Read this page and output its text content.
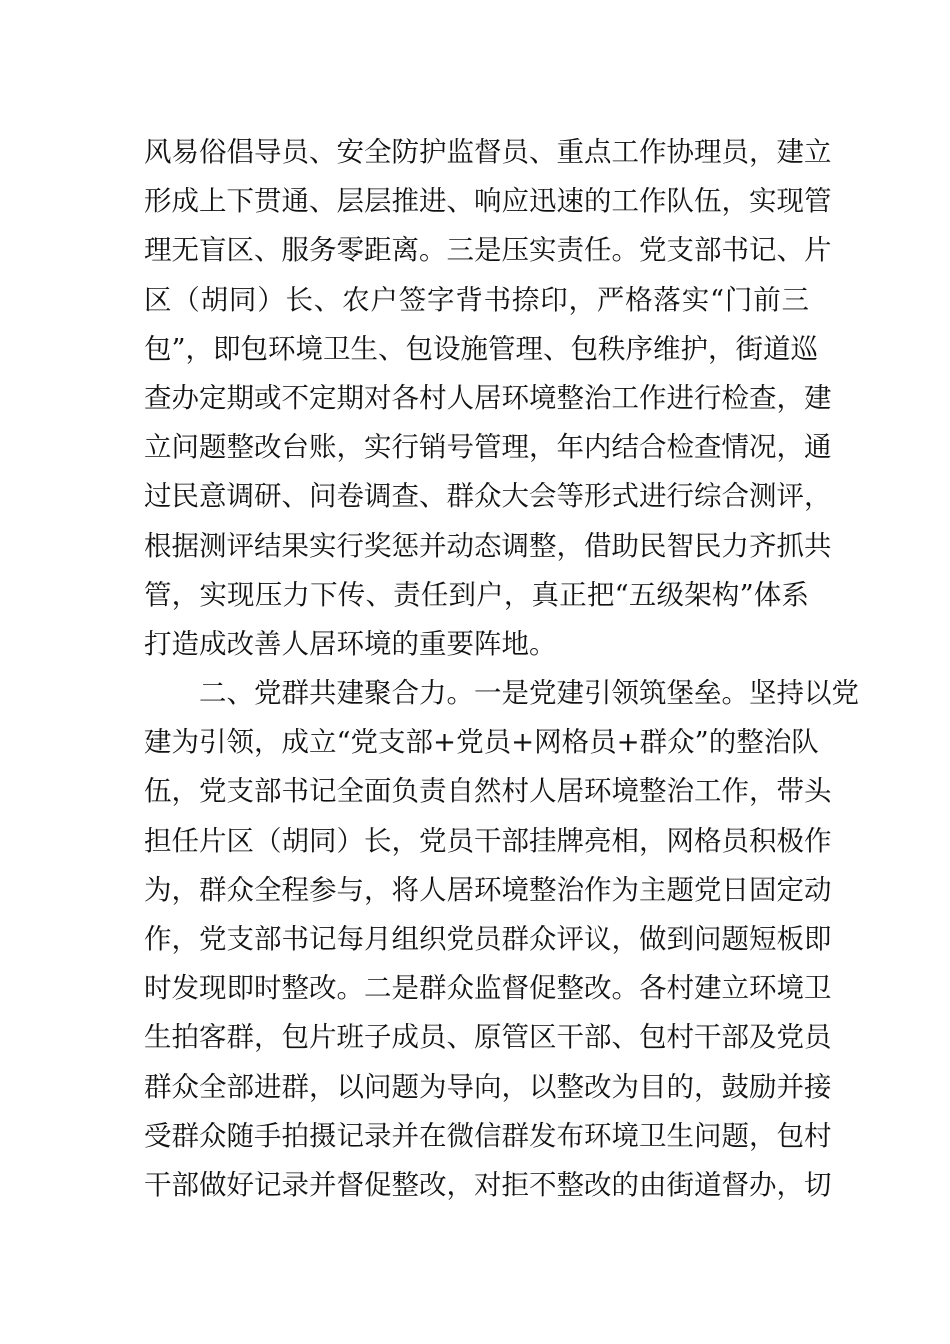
风易俗倡导员、安全防护监督员、重点工作协理员，建立
形成上下贯通、层层推进、响应迅速的工作队伍，实现管
理无盲区、服务零距离。三是压实责任。党支部书记、片
区（胡同）长、农户签字背书捺印，严格落实“门前三
包”，即包环境卫生、包设施管理、包秩序维护，街道巡
查办定期或不定期对各村人居环境整治工作进行检查，建
立问题整改台账，实行销号管理，年内结合检查情况，通
过民意调研、问卷调查、群众大会等形式进行综合测评，
根据测评结果实行奖惩并动态调整，借助民智民力齐抓共
管，实现压力下传、责任到户，真正把“五级架构”体系
打造成改善人居环境的重要阵地。
二、党群共建聚合力。一是党建引领筑堡垒。坚持以党
建为引领，成立“党支部+党员+网格员+群众”的整治队
伍，党支部书记全面负责自然村人居环境整治工作，带头
担任片区（胡同）长，党员干部挂牌亮相，网格员积极作
为，群众全程参与，将人居环境整治作为主题党日固定动
作，党支部书记每月组织党员群众评议，做到问题短板即
时发现即时整改。二是群众监督促整改。各村建立环境卫
生拍客群，包片班子成员、原管区干部、包村干部及党员
群众全部进群，以问题为导向，以整改为目的，鼓励并接
受群众随手拍摄记录并在微信群发布环境卫生问题，包村
干部做好记录并督促整改，对拒不整改的由街道督办，切
